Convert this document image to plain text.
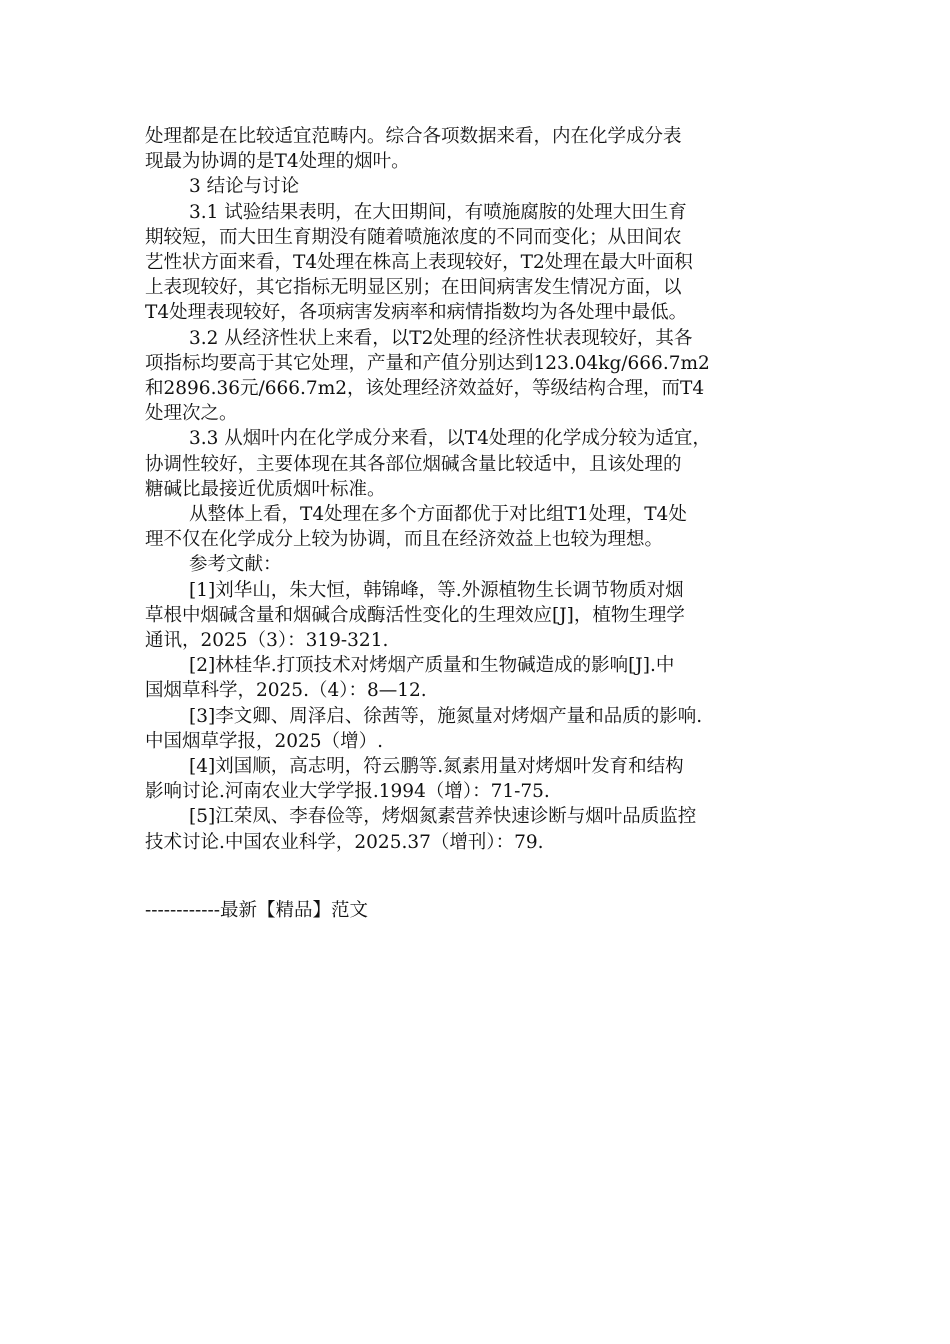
处理都是在比较适宜范畴内。综合各项数据来看，内在化学成分表
现最为协调的是T4处理的烟叶。
3 结论与讨论
3.1 试验结果表明，在大田期间，有喷施腐胺的处理大田生育
期较短，而大田生育期没有随着喷施浓度的不同而变化；从田间农
艺性状方面来看，T4处理在株高上表现较好，T2处理在最大叶面积
上表现较好，其它指标无明显区别；在田间病害发生情况方面，以
T4处理表现较好，各项病害发病率和病情指数均为各处理中最低。
3.2 从经济性状上来看，以T2处理的经济性状表现较好，其各
项指标均要高于其它处理，产量和产值分别达到123.04kg/666.7m2
和2896.36元/666.7m2，该处理经济效益好，等级结构合理，而T4
处理次之。
3.3 从烟叶内在化学成分来看，以T4处理的化学成分较为适宜，
协调性较好，主要体现在其各部位烟碱含量比较适中，且该处理的
糖碱比最接近优质烟叶标准。
从整体上看，T4处理在多个方面都优于对比组T1处理，T4处
理不仅在化学成分上较为协调，而且在经济效益上也较为理想。
参考文献：
[1]刘华山，朱大恒，韩锦峰，等.外源植物生长调节物质对烟
草根中烟碱含量和烟碱合成酶活性变化的生理效应[J]，植物生理学
通讯，2025（3）：319-321.
[2]林桂华.打顶技术对烤烟产质量和生物碱造成的影响[J].中
国烟草科学，2025.（4）：8—12.
[3]李文卿、周泽启、徐茜等，施氮量对烤烟产量和品质的影响.
中国烟草学报，2025（增）.
[4]刘国顺，高志明，符云鹏等.氮素用量对烤烟叶发育和结构
影响讨论.河南农业大学学报.1994（增）：71-75.
[5]江荣凤、李春俭等，烤烟氮素营养快速诊断与烟叶品质监控
技术讨论.中国农业科学，2025.37（增刊）：79.
------------最新【精品】范文
